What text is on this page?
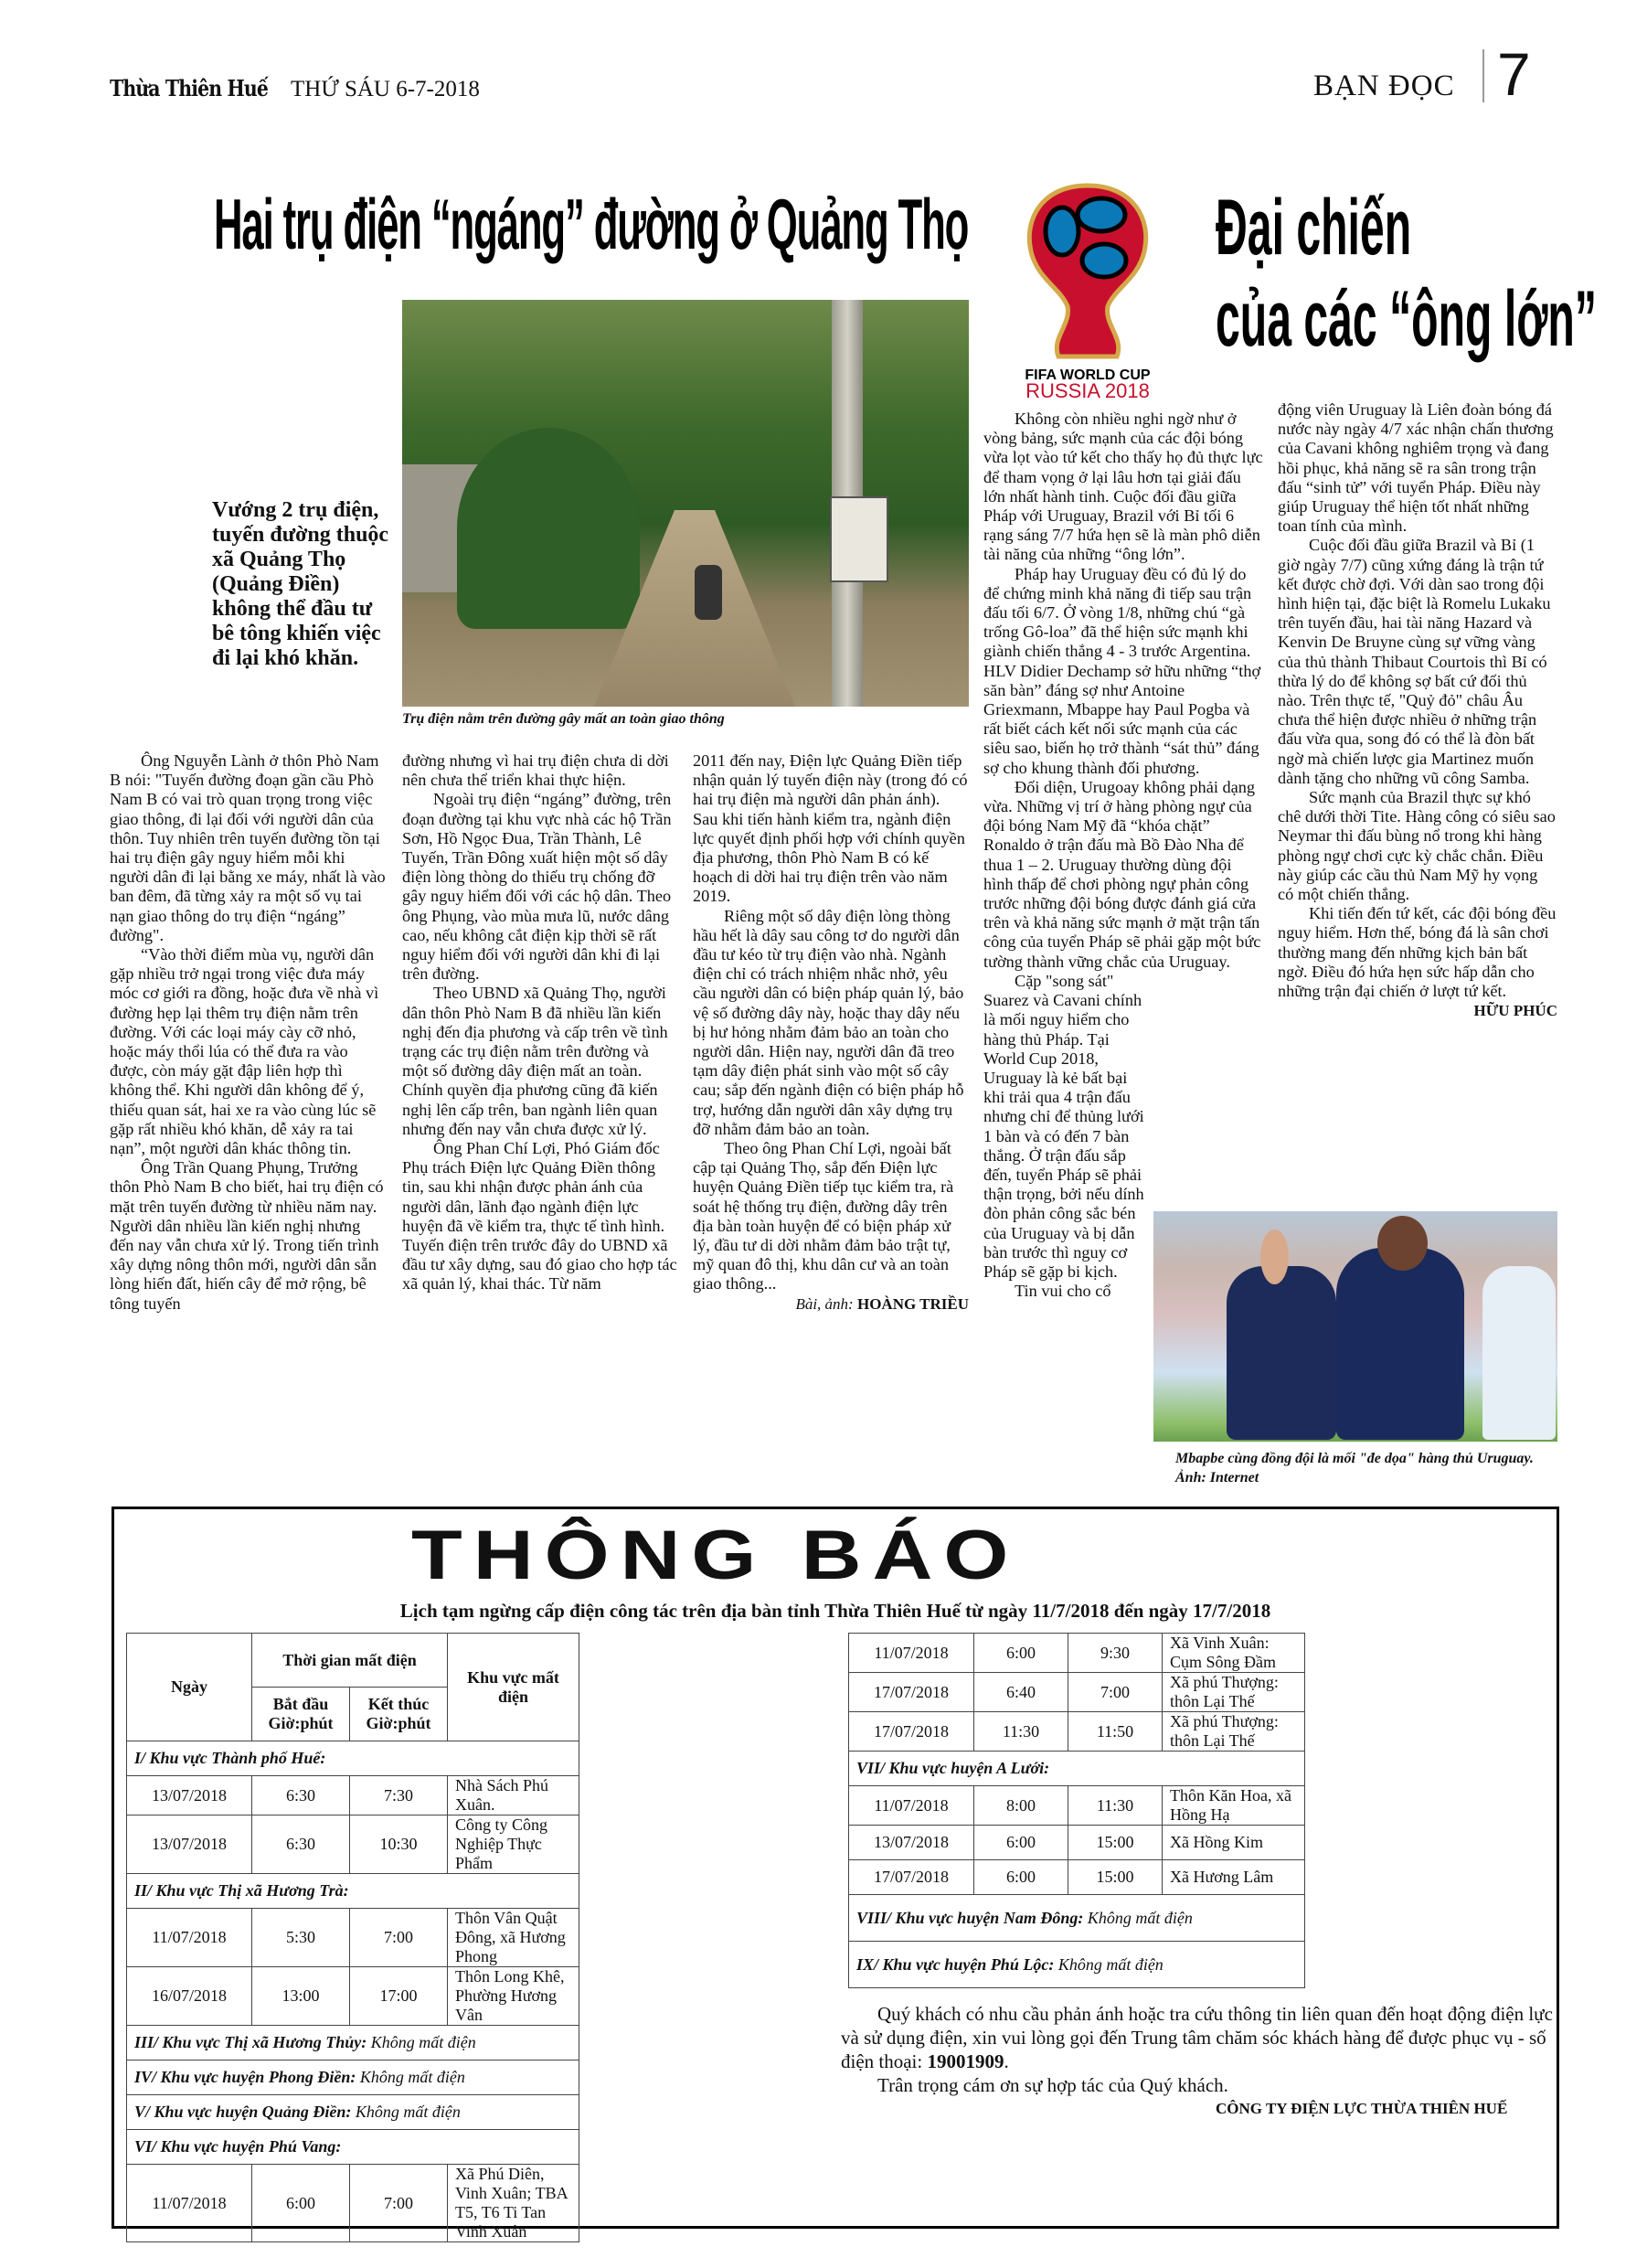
Thừa Thiên Huế THỨ SÁU 6-7-2018	BẠN ĐỌC 7
Hai trụ điện “ngáng” đường ở Quảng Thọ
Vướng 2 trụ điện, tuyến đường thuộc xã Quảng Thọ (Quảng Điền) không thể đầu tư bê tông khiến việc đi lại khó khăn.
Trụ điện nằm trên đường gây mất an toàn giao thông

Ông Nguyễn Lành ở thôn Phò Nam B nói: "Tuyến đường đoạn gần cầu Phò Nam B có vai trò quan trọng trong việc giao thông, đi lại đối với người dân của thôn. Tuy nhiên trên tuyến đường tồn tại hai trụ điện gây nguy hiểm mỗi khi người dân đi lại bằng xe máy, nhất là vào ban đêm, đã từng xảy ra một số vụ tai nạn giao thông do trụ điện “ngáng” đường".

“Vào thời điểm mùa vụ, người dân gặp nhiều trở ngại trong việc đưa máy móc cơ giới ra đồng, hoặc đưa về nhà vì đường hẹp lại thêm trụ điện nằm trên đường. Với các loại máy cày cỡ nhỏ, hoặc máy thổi lúa có thể đưa ra vào được, còn máy gặt đập liên hợp thì không thể. Khi người dân không để ý, thiếu quan sát, hai xe ra vào cùng lúc sẽ gặp rất nhiều khó khăn, dễ xảy ra tai nạn”, một người dân khác thông tin.

Ông Trần Quang Phụng, Trưởng thôn Phò Nam B cho biết, hai trụ điện có mặt trên tuyến đường từ nhiều năm nay. Người dân nhiều lần kiến nghị nhưng đến nay vẫn chưa xử lý. Trong tiến trình xây dựng nông thôn mới, người dân sẵn lòng hiến đất, hiến cây để mở rộng, bê tông tuyến

đường nhưng vì hai trụ điện chưa di dời nên chưa thể triển khai thực hiện.

Ngoài trụ điện “ngáng” đường, trên đoạn đường tại khu vực nhà các hộ Trần Sơn, Hồ Ngọc Đua, Trần Thành, Lê Tuyến, Trần Đông xuất hiện một số dây điện lòng thòng do thiếu trụ chống đỡ gây nguy hiểm đối với các hộ dân. Theo ông Phụng, vào mùa mưa lũ, nước dâng cao, nếu không cắt điện kịp thời sẽ rất nguy hiểm đối với người dân khi đi lại trên đường.

Theo UBND xã Quảng Thọ, người dân thôn Phò Nam B đã nhiều lần kiến nghị đến địa phương và cấp trên về tình trạng các trụ điện nằm trên đường và một số đường dây điện mất an toàn. Chính quyền địa phương cũng đã kiến nghị lên cấp trên, ban ngành liên quan nhưng đến nay vẫn chưa được xử lý.

Ông Phan Chí Lợi, Phó Giám đốc Phụ trách Điện lực Quảng Điền thông tin, sau khi nhận được phản ánh của người dân, lãnh đạo ngành điện lực huyện đã về kiểm tra, thực tế tình hình. Tuyến điện trên trước đây do UBND xã đầu tư xây dựng, sau đó giao cho hợp tác xã quản lý, khai thác. Từ năm

2011 đến nay, Điện lực Quảng Điền tiếp nhận quản lý tuyến điện này (trong đó có hai trụ điện mà người dân phản ánh). Sau khi tiến hành kiểm tra, ngành điện lực quyết định phối hợp với chính quyền địa phương, thôn Phò Nam B có kế hoạch di dời hai trụ điện trên vào năm 2019.

Riêng một số dây điện lòng thòng hầu hết là dây sau công tơ do người dân đầu tư kéo từ trụ điện vào nhà. Ngành điện chỉ có trách nhiệm nhắc nhở, yêu cầu người dân có biện pháp quản lý, bảo vệ số đường dây này, hoặc thay dây nếu bị hư hỏng nhằm đảm bảo an toàn cho người dân. Hiện nay, người dân đã treo tạm dây điện phát sinh vào một số cây cau; sắp đến ngành điện có biện pháp hỗ trợ, hướng dẫn người dân xây dựng trụ đỡ nhằm đảm bảo an toàn.

Theo ông Phan Chí Lợi, ngoài bất cập tại Quảng Thọ, sắp đến Điện lực huyện Quảng Điền tiếp tục kiểm tra, rà soát hệ thống trụ điện, đường dây trên địa bàn toàn huyện để có biện pháp xử lý, đầu tư di dời nhằm đảm bảo trật tự, mỹ quan đô thị, khu dân cư và an toàn giao thông...

Bài, ảnh: HOÀNG TRIỀU
FIFA WORLD CUP
RUSSIA 2018
Đại chiến
của các “ông lớn”

Không còn nhiều nghi ngờ như ở vòng bảng, sức mạnh của các đội bóng vừa lọt vào tứ kết cho thấy họ đủ thực lực để tham vọng ở lại lâu hơn tại giải đấu lớn nhất hành tinh. Cuộc đối đầu giữa Pháp với Uruguay, Brazil với Bỉ tối 6 rạng sáng 7/7 hứa hẹn sẽ là màn phô diễn tài năng của những “ông lớn”.

Pháp hay Uruguay đều có đủ lý do để chứng minh khả năng đi tiếp sau trận đấu tối 6/7. Ở vòng 1/8, những chú “gà trống Gô-loa” đã thể hiện sức mạnh khi giành chiến thắng 4 - 3 trước Argentina. HLV Didier Dechamp sở hữu những “thợ săn bàn” đáng sợ như Antoine Griexmann, Mbappe hay Paul Pogba và rất biết cách kết nối sức mạnh của các siêu sao, biến họ trở thành “sát thủ” đáng sợ cho khung thành đối phương.

Đối diện, Urugoay không phải dạng vừa. Những vị trí ở hàng phòng ngự của đội bóng Nam Mỹ đã “khóa chặt” Ronaldo ở trận đấu mà Bồ Đào Nha để thua 1 – 2. Uruguay thường dùng đội hình thấp để chơi phòng ngự phản công trước những đội bóng được đánh giá cửa trên và khả năng sức mạnh ở mặt trận tấn công của tuyển Pháp sẽ phải gặp một bức tường thành vững chắc của Uruguay.

Cặp "song sát" Suarez và Cavani chính là mối nguy hiểm cho hàng thủ Pháp. Tại World Cup 2018, Uruguay là kẻ bất bại khi trải qua 4 trận đấu nhưng chỉ để thủng lưới 1 bàn và có đến 7 bàn thắng. Ở trận đấu sắp đến, tuyển Pháp sẽ phải thận trọng, bởi nếu dính đòn phản công sắc bén của Uruguay và bị dẫn bàn trước thì nguy cơ Pháp sẽ gặp bi kịch.

Tin vui cho cổ

động viên Uruguay là Liên đoàn bóng đá nước này ngày 4/7 xác nhận chấn thương của Cavani không nghiêm trọng và đang hồi phục, khả năng sẽ ra sân trong trận đấu “sinh tử” với tuyển Pháp. Điều này giúp Uruguay thể hiện tốt nhất những toan tính của mình.

Cuộc đối đầu giữa Brazil và Bỉ (1 giờ ngày 7/7) cũng xứng đáng là trận tứ kết được chờ đợi. Với dàn sao trong đội hình hiện tại, đặc biệt là Romelu Lukaku trên tuyến đầu, hai tài năng Hazard và Kenvin De Bruyne cùng sự vững vàng của thủ thành Thibaut Courtois thì Bỉ có thừa lý do để không sợ bất cứ đối thủ nào. Trên thực tế, "Quỷ đỏ" châu Âu chưa thể hiện được nhiều ở những trận đấu vừa qua, song đó có thể là đòn bất ngờ mà chiến lược gia Martinez muốn dành tặng cho những vũ công Samba.

Sức mạnh của Brazil thực sự khó chê dưới thời Tite. Hàng công có siêu sao Neymar thi đấu bùng nổ trong khi hàng phòng ngự chơi cực kỳ chắc chắn. Điều này giúp các cầu thủ Nam Mỹ hy vọng có một chiến thắng.

Khi tiến đến tứ kết, các đội bóng đều nguy hiểm. Hơn thế, bóng đá là sân chơi thường mang đến những kịch bản bất ngờ. Điều đó hứa hẹn sức hấp dẫn cho những trận đại chiến ở lượt tứ kết.

HỮU PHÚC
Mbapbe cùng đồng đội là mối "đe dọa" hàng thủ Uruguay. Ảnh: Internet
THÔNG BÁO
Lịch tạm ngừng cấp điện công tác trên địa bàn tỉnh Thừa Thiên Huế từ ngày 11/7/2018 đến ngày 17/7/2018
Ngày	Thời gian mất điện		Khu vực mất điện
	Bắt đầu Giờ:phút	Kết thúc Giờ:phút	
I/ Khu vực Thành phố Huế:			
13/07/2018	6:30	7:30	Nhà Sách Phú Xuân.
13/07/2018	6:30	10:30	Công ty Công Nghiệp Thực Phẩm
II/ Khu vực Thị xã Hương Trà:			
11/07/2018	5:30	7:00	Thôn Vân Quật Đông, xã Hương Phong
16/07/2018	13:00	17:00	Thôn Long Khê, Phường Hương Vân
III/ Khu vực Thị xã Hương Thủy: Không mất điện			
IV/ Khu vực huyện Phong Điền: Không mất điện			
V/ Khu vực huyện Quảng Điền: Không mất điện			
VI/ Khu vực huyện Phú Vang:			
11/07/2018	6:00	7:00	Xã Phú Diên, Vinh Xuân; TBA T5, T6 Ti Tan Vinh Xuân
11/07/2018	6:00	9:30	Xã Vinh Xuân: Cụm Sông Đầm
17/07/2018	6:40	7:00	Xã phú Thượng: thôn Lại Thế
17/07/2018	11:30	11:50	Xã phú Thượng: thôn Lại Thế
VII/ Khu vực huyện A Lưới:			
11/07/2018	8:00	11:30	Thôn Kăn Hoa, xã Hồng Hạ
13/07/2018	6:00	15:00	Xã Hồng Kim
17/07/2018	6:00	15:00	Xã Hương Lâm
VIII/ Khu vực huyện Nam Đông: Không mất điện			
IX/ Khu vực huyện Phú Lộc: Không mất điện			

Quý khách có nhu cầu phản ánh hoặc tra cứu thông tin liên quan đến hoạt động điện lực và sử dụng điện, xin vui lòng gọi đến Trung tâm chăm sóc khách hàng để được phục vụ - số điện thoại: 19001909.

Trân trọng cám ơn sự hợp tác của Quý khách.

CÔNG TY ĐIỆN LỰC THỪA THIÊN HUẾ
